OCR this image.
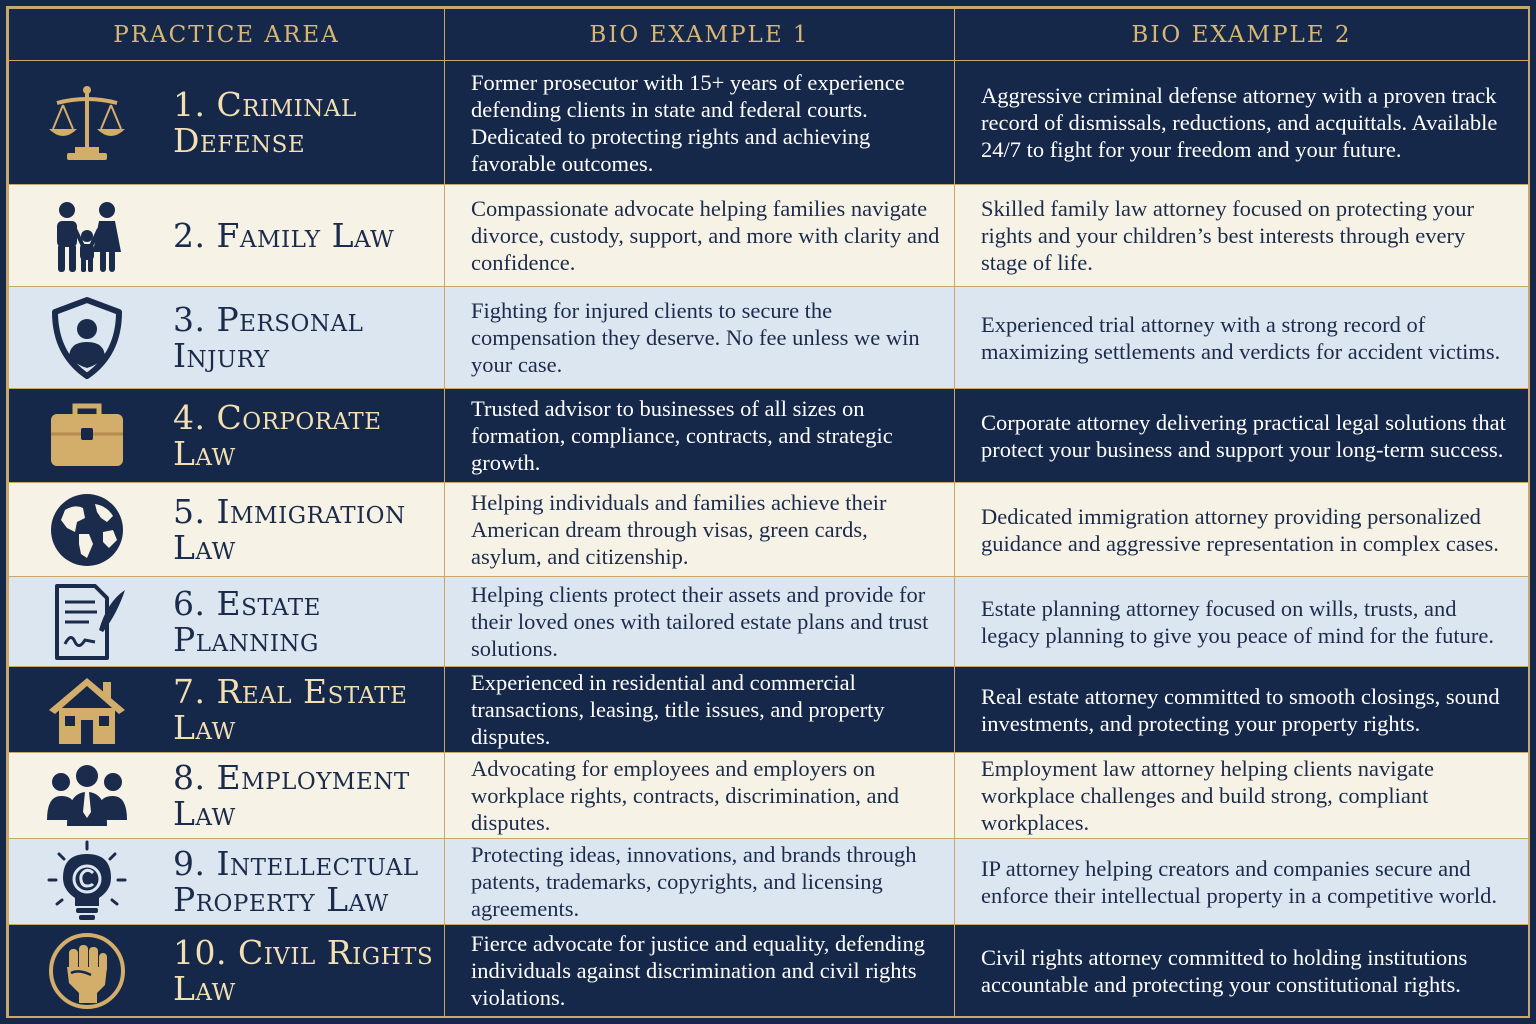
PRACTICE AREA	BIO EXAMPLE 1	BIO EXAMPLE 2

1. Criminal
Defense	Former prosecutor with 15+ years of experience defending clients in state and federal courts. Dedicated to protecting rights and achieving favorable outcomes.	Aggressive criminal defense attorney with a proven track record of dismissals, reductions, and acquittals. Available 24/7 to fight for your freedom and your future.

2. Family Law	Compassionate advocate helping families navigate divorce, custody, support, and more with clarity and confidence.	Skilled family law attorney focused on protecting your rights and your children’s best interests through every stage of life.

3. Personal
Injury	Fighting for injured clients to secure the compensation they deserve. No fee unless we win your case.	Experienced trial attorney with a strong record of maximizing settlements and verdicts for accident victims.

4. Corporate
Law	Trusted advisor to businesses of all sizes on formation, compliance, contracts, and strategic growth.	Corporate attorney delivering practical legal solutions that protect your business and support your long-term success.

5. Immigration
Law	Helping individuals and families achieve their American dream through visas, green cards, asylum, and citizenship.	Dedicated immigration attorney providing personalized guidance and aggressive representation in complex cases.

6. Estate
Planning	Helping clients protect their assets and provide for their loved ones with tailored estate plans and trust solutions.	Estate planning attorney focused on wills, trusts, and legacy planning to give you peace of mind for the future.

7. Real Estate
Law	Experienced in residential and commercial transactions, leasing, title issues, and property disputes.	Real estate attorney committed to smooth closings, sound investments, and protecting your property rights.

8. Employment
Law	Advocating for employees and employers on workplace rights, contracts, discrimination, and disputes.	Employment law attorney helping clients navigate workplace challenges and build strong, compliant workplaces.

9. Intellectual
Property Law	Protecting ideas, innovations, and brands through patents, trademarks, copyrights, and licensing agreements.	IP attorney helping creators and companies secure and enforce their intellectual property in a competitive world.

10. Civil Rights
Law	Fierce advocate for justice and equality, defending individuals against discrimination and civil rights violations.	Civil rights attorney committed to holding institutions accountable and protecting your constitutional rights.
